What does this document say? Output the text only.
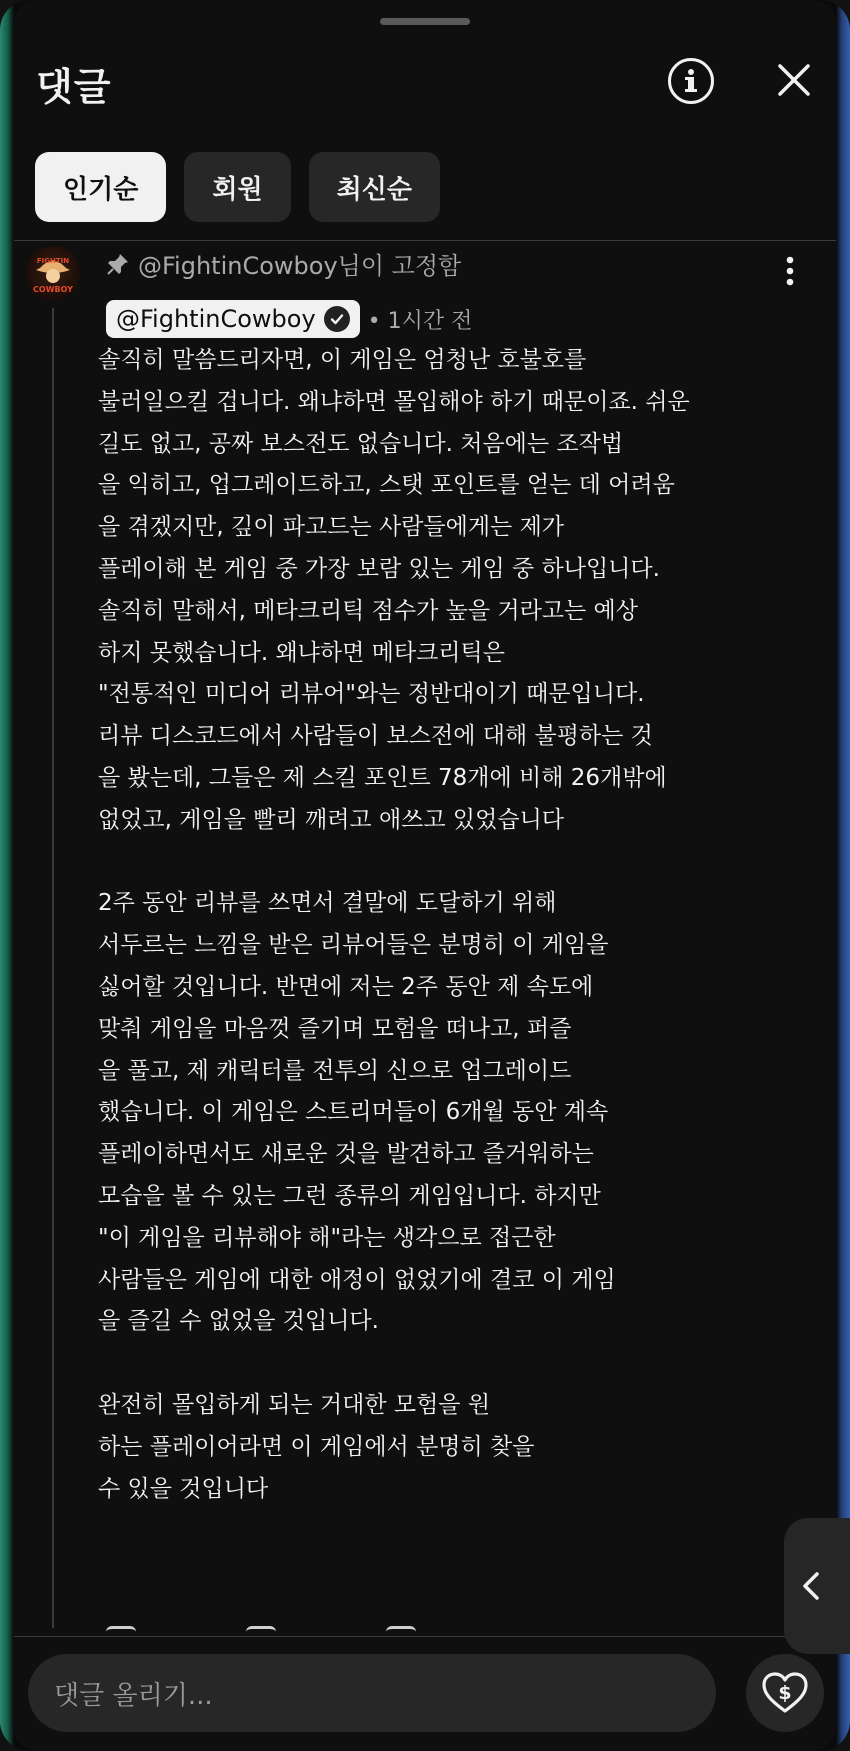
댓글
인기순	회원	최신순
FIGHTIN
COWBOY
@FightinCowboy님이 고정함
@FightinCowboy • 1시간 전
솔직히 말씀드리자면, 이 게임은 엄청난 호불호를
불러일으킬 겁니다. 왜냐하면 몰입해야 하기 때문이죠. 쉬운
길도 없고, 공짜 보스전도 없습니다. 처음에는 조작법
을 익히고, 업그레이드하고, 스탯 포인트를 얻는 데 어려움
을 겪겠지만, 깊이 파고드는 사람들에게는 제가
플레이해 본 게임 중 가장 보람 있는 게임 중 하나입니다.
솔직히 말해서, 메타크리틱 점수가 높을 거라고는 예상
하지 못했습니다. 왜냐하면 메타크리틱은
"전통적인 미디어 리뷰어"와는 정반대이기 때문입니다.
리뷰 디스코드에서 사람들이 보스전에 대해 불평하는 것
을 봤는데, 그들은 제 스킬 포인트 78개에 비해 26개밖에
없었고, 게임을 빨리 깨려고 애쓰고 있었습니다
2주 동안 리뷰를 쓰면서 결말에 도달하기 위해
서두르는 느낌을 받은 리뷰어들은 분명히 이 게임을
싫어할 것입니다. 반면에 저는 2주 동안 제 속도에
맞춰 게임을 마음껏 즐기며 모험을 떠나고, 퍼즐
을 풀고, 제 캐릭터를 전투의 신으로 업그레이드
했습니다. 이 게임은 스트리머들이 6개월 동안 계속
플레이하면서도 새로운 것을 발견하고 즐거워하는
모습을 볼 수 있는 그런 종류의 게임입니다. 하지만
"이 게임을 리뷰해야 해"라는 생각으로 접근한
사람들은 게임에 대한 애정이 없었기에 결코 이 게임
을 즐길 수 없었을 것입니다.
완전히 몰입하게 되는 거대한 모험을 원
하는 플레이어라면 이 게임에서 분명히 찾을
수 있을 것입니다
댓글 올리기...	$
